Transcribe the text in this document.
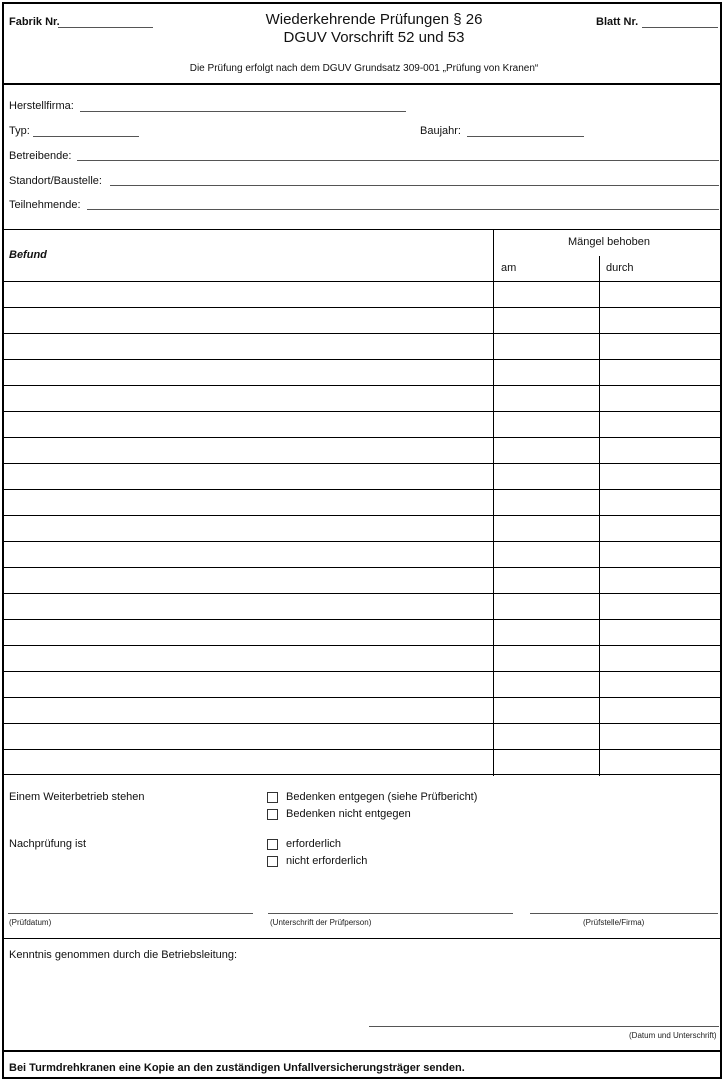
Fabrik Nr.	Wiederkehrende Prüfungen § 26
DGUV Vorschrift 52 und 53
Blatt Nr.
Die Prüfung erfolgt nach dem DGUV Grundsatz 309-001 „Prüfung von Kranen“
Herstellfirma:
Typ:	Baujahr:
Betreibende:
Standort/Baustelle:
Teilnehmende:
Befund
Mängel behoben
am	durch
Einem Weiterbetrieb stehen	Bedenken entgegen (siehe Prüfbericht)
Bedenken nicht entgegen
Nachprüfung ist	erforderlich
nicht erforderlich
(Prüfdatum)	(Unterschrift der Prüfperson)	(Prüfstelle/Firma)
Kenntnis genommen durch die Betriebsleitung:
(Datum und Unterschrift)
Bei Turmdrehkranen eine Kopie an den zuständigen Unfallversicherungsträger senden.
